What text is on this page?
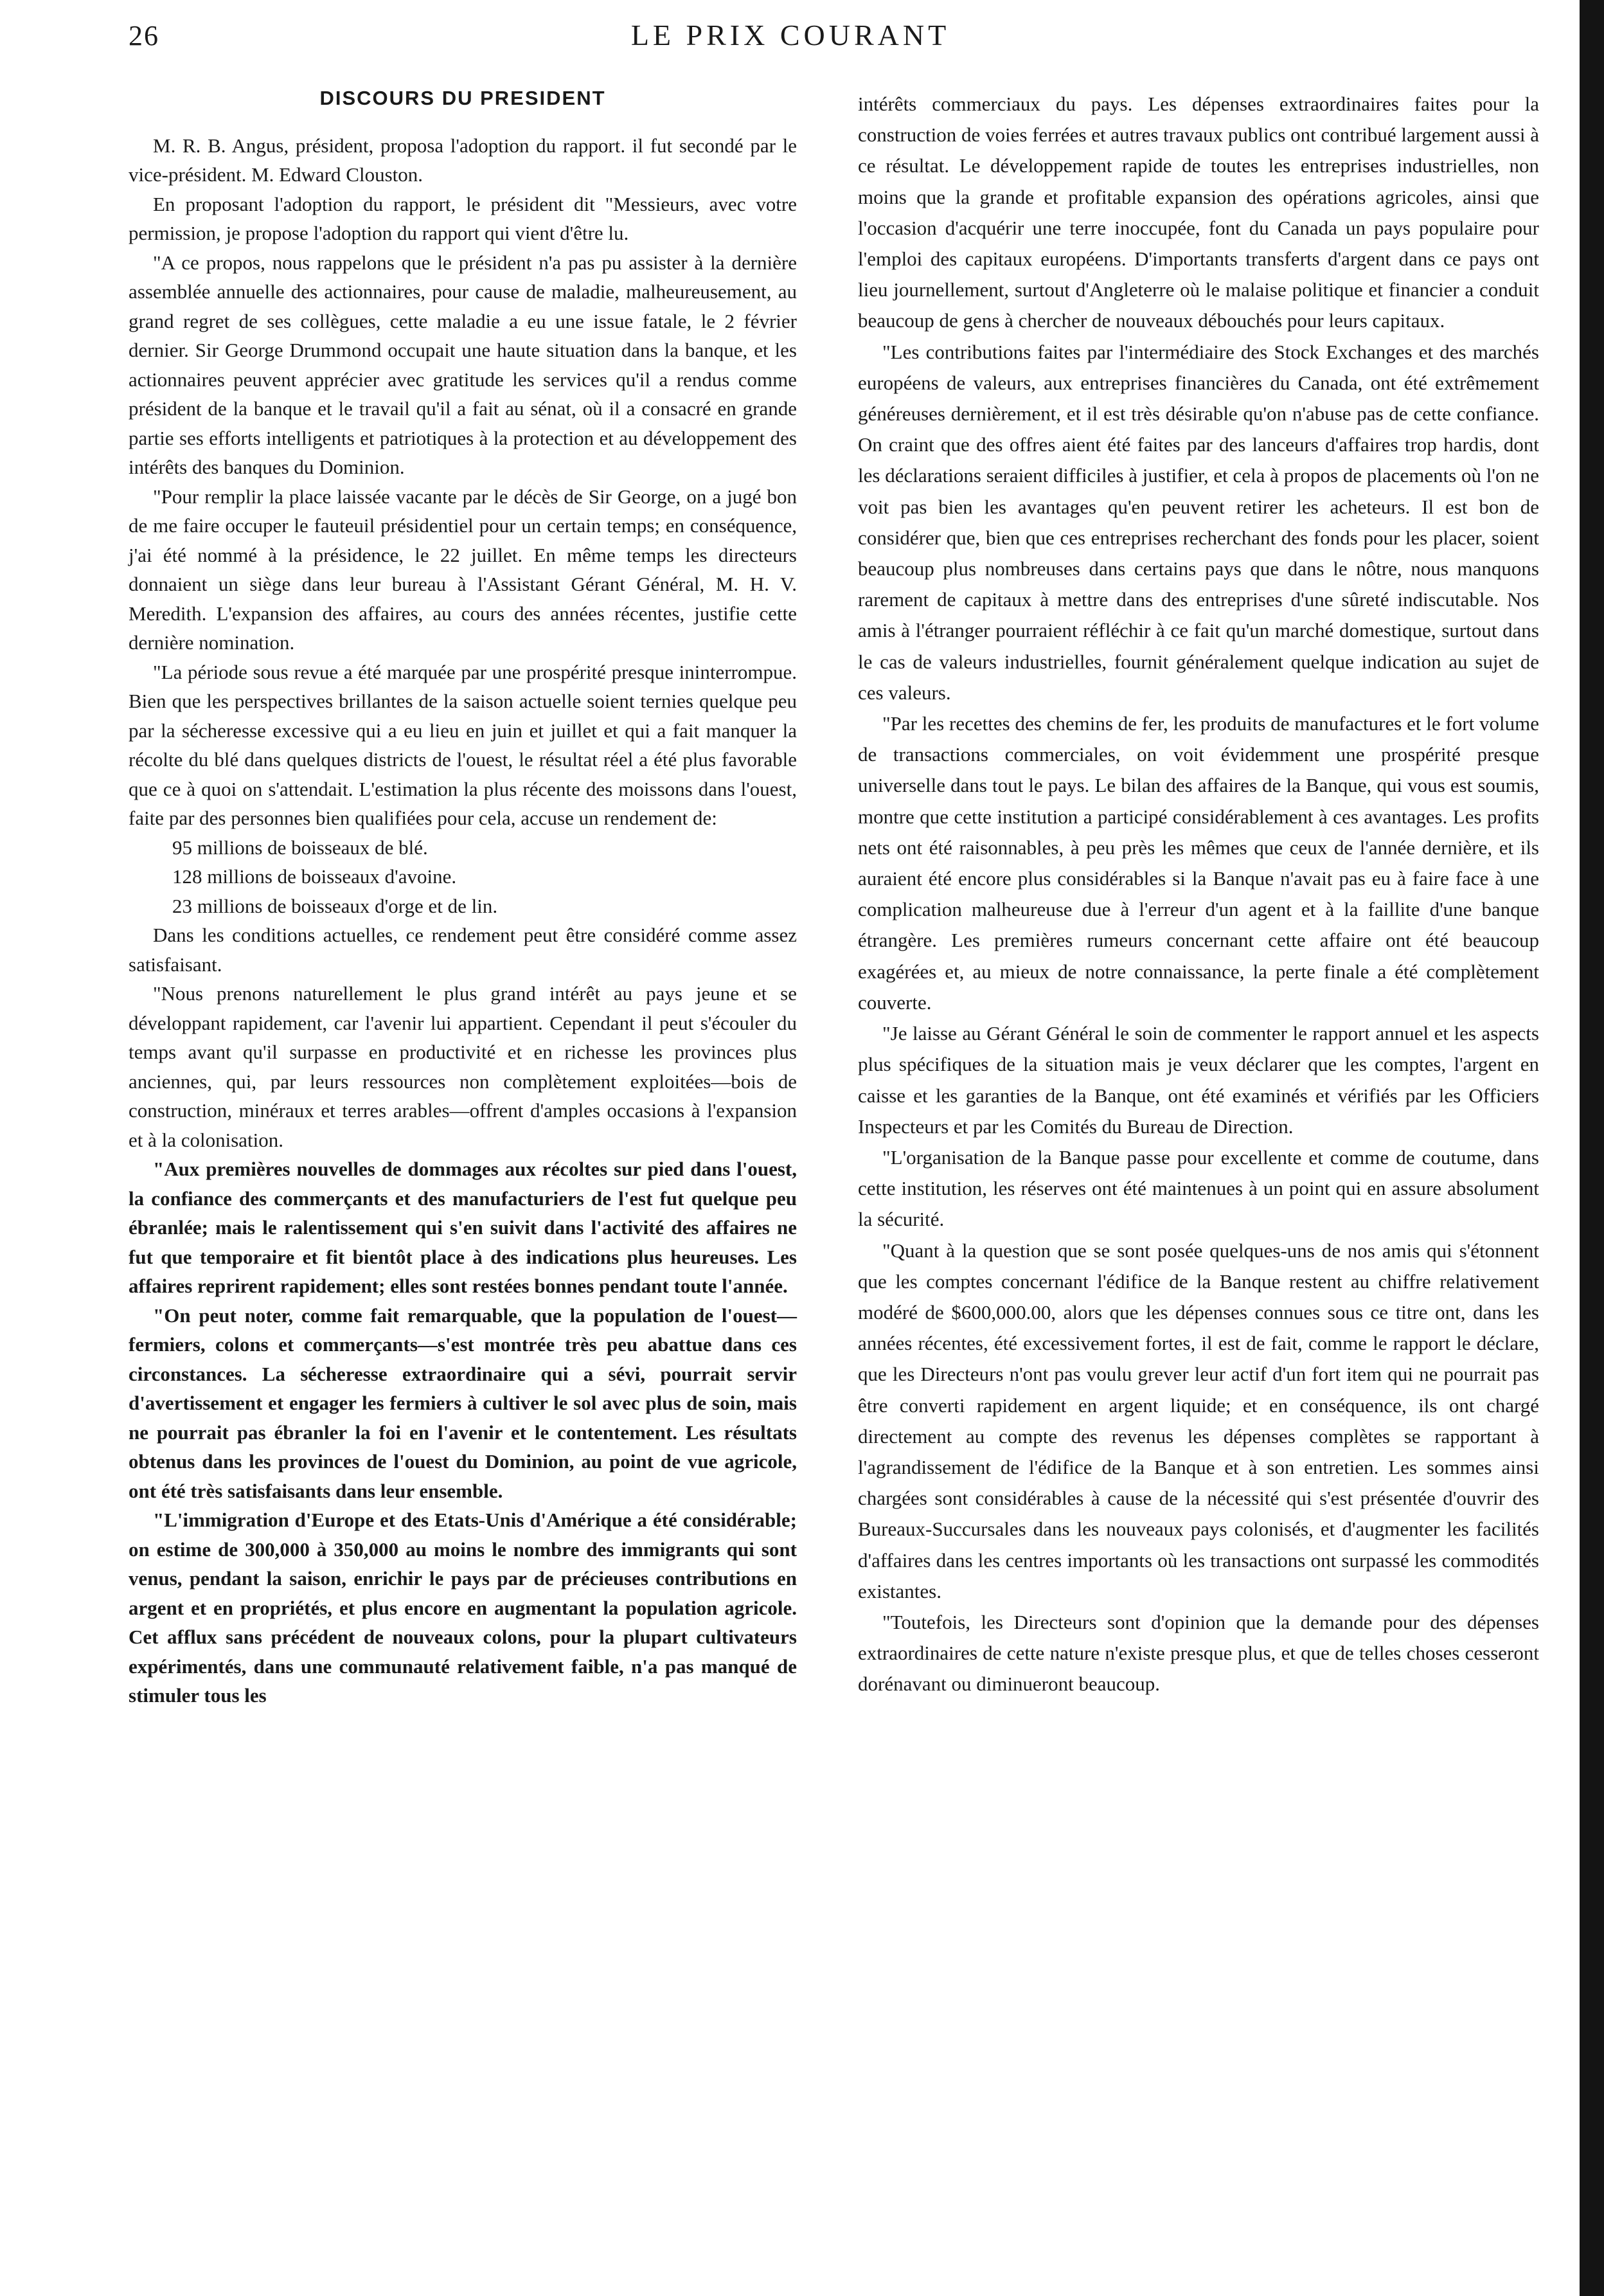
26	LE PRIX COURANT
DISCOURS DU PRESIDENT

M. R. B. Angus, président, proposa l'adoption du rapport. il fut secondé par le vice-président. M. Edward Clouston.

En proposant l'adoption du rapport, le président dit "Messieurs, avec votre permission, je propose l'adoption du rapport qui vient d'être lu.

"A ce propos, nous rappelons que le président n'a pas pu assister à la dernière assemblée annuelle des actionnaires, pour cause de maladie, malheureusement, au grand regret de ses collègues, cette maladie a eu une issue fatale, le 2 février dernier. Sir George Drummond occupait une haute situation dans la banque, et les actionnaires peuvent apprécier avec gratitude les services qu'il a rendus comme président de la banque et le travail qu'il a fait au sénat, où il a consacré en grande partie ses efforts intelligents et patriotiques à la protection et au développement des intérêts des banques du Dominion.

"Pour remplir la place laissée vacante par le décès de Sir George, on a jugé bon de me faire occuper le fauteuil présidentiel pour un certain temps; en conséquence, j'ai été nommé à la présidence, le 22 juillet. En même temps les directeurs donnaient un siège dans leur bureau à l'Assistant Gérant Général, M. H. V. Meredith. L'expansion des affaires, au cours des années récentes, justifie cette dernière nomination.

"La période sous revue a été marquée par une prospérité presque ininterrompue. Bien que les perspectives brillantes de la saison actuelle soient ternies quelque peu par la sécheresse excessive qui a eu lieu en juin et juillet et qui a fait manquer la récolte du blé dans quelques districts de l'ouest, le résultat réel a été plus favorable que ce à quoi on s'attendait. L'estimation la plus récente des moissons dans l'ouest, faite par des personnes bien qualifiées pour cela, accuse un rendement de:

95 millions de boisseaux de blé.
128 millions de boisseaux d'avoine.
23 millions de boisseaux d'orge et de lin.

Dans les conditions actuelles, ce rendement peut être considéré comme assez satisfaisant.

"Nous prenons naturellement le plus grand intérêt au pays jeune et se développant rapidement, car l'avenir lui appartient. Cependant il peut s'écouler du temps avant qu'il surpasse en productivité et en richesse les provinces plus anciennes, qui, par leurs ressources non complètement exploitées—bois de construction, minéraux et terres arables—offrent d'amples occasions à l'expansion et à la colonisation.

"Aux premières nouvelles de dommages aux récoltes sur pied dans l'ouest, la confiance des commerçants et des manufacturiers de l'est fut quelque peu ébranlée; mais le ralentissement qui s'en suivit dans l'activité des affaires ne fut que temporaire et fit bientôt place à des indications plus heureuses. Les affaires reprirent rapidement; elles sont restées bonnes pendant toute l'année.

"On peut noter, comme fait remarquable, que la population de l'ouest—fermiers, colons et commerçants—s'est montrée très peu abattue dans ces circonstances. La sécheresse extraordinaire qui a sévi, pourrait servir d'avertissement et engager les fermiers à cultiver le sol avec plus de soin, mais ne pourrait pas ébranler la foi en l'avenir et le contentement. Les résultats obtenus dans les provinces de l'ouest du Dominion, au point de vue agricole, ont été très satisfaisants dans leur ensemble.

"L'immigration d'Europe et des Etats-Unis d'Amérique a été considérable; on estime de 300,000 à 350,000 au moins le nombre des immigrants qui sont venus, pendant la saison, enrichir le pays par de précieuses contributions en argent et en propriétés, et plus encore en augmentant la population agricole. Cet afflux sans précédent de nouveaux colons, pour la plupart cultivateurs expérimentés, dans une communauté relativement faible, n'a pas manqué de stimuler tous les

intérêts commerciaux du pays. Les dépenses extraordinaires faites pour la construction de voies ferrées et autres travaux publics ont contribué largement aussi à ce résultat. Le développement rapide de toutes les entreprises industrielles, non moins que la grande et profitable expansion des opérations agricoles, ainsi que l'occasion d'acquérir une terre inoccupée, font du Canada un pays populaire pour l'emploi des capitaux européens. D'importants transferts d'argent dans ce pays ont lieu journellement, surtout d'Angleterre où le malaise politique et financier a conduit beaucoup de gens à chercher de nouveaux débouchés pour leurs capitaux.

"Les contributions faites par l'intermédiaire des Stock Exchanges et des marchés européens de valeurs, aux entreprises financières du Canada, ont été extrêmement généreuses dernièrement, et il est très désirable qu'on n'abuse pas de cette confiance. On craint que des offres aient été faites par des lanceurs d'affaires trop hardis, dont les déclarations seraient difficiles à justifier, et cela à propos de placements où l'on ne voit pas bien les avantages qu'en peuvent retirer les acheteurs. Il est bon de considérer que, bien que ces entreprises recherchant des fonds pour les placer, soient beaucoup plus nombreuses dans certains pays que dans le nôtre, nous manquons rarement de capitaux à mettre dans des entreprises d'une sûreté indiscutable. Nos amis à l'étranger pourraient réfléchir à ce fait qu'un marché domestique, surtout dans le cas de valeurs industrielles, fournit généralement quelque indication au sujet de ces valeurs.

"Par les recettes des chemins de fer, les produits de manufactures et le fort volume de transactions commerciales, on voit évidemment une prospérité presque universelle dans tout le pays. Le bilan des affaires de la Banque, qui vous est soumis, montre que cette institution a participé considérablement à ces avantages. Les profits nets ont été raisonnables, à peu près les mêmes que ceux de l'année dernière, et ils auraient été encore plus considérables si la Banque n'avait pas eu à faire face à une complication malheureuse due à l'erreur d'un agent et à la faillite d'une banque étrangère. Les premières rumeurs concernant cette affaire ont été beaucoup exagérées et, au mieux de notre connaissance, la perte finale a été complètement couverte.

"Je laisse au Gérant Général le soin de commenter le rapport annuel et les aspects plus spécifiques de la situation mais je veux déclarer que les comptes, l'argent en caisse et les garanties de la Banque, ont été examinés et vérifiés par les Officiers Inspecteurs et par les Comités du Bureau de Direction.

"L'organisation de la Banque passe pour excellente et comme de coutume, dans cette institution, les réserves ont été maintenues à un point qui en assure absolument la sécurité.

"Quant à la question que se sont posée quelques-uns de nos amis qui s'étonnent que les comptes concernant l'édifice de la Banque restent au chiffre relativement modéré de $600,000.00, alors que les dépenses connues sous ce titre ont, dans les années récentes, été excessivement fortes, il est de fait, comme le rapport le déclare, que les Directeurs n'ont pas voulu grever leur actif d'un fort item qui ne pourrait pas être converti rapidement en argent liquide; et en conséquence, ils ont chargé directement au compte des revenus les dépenses complètes se rapportant à l'agrandissement de l'édifice de la Banque et à son entretien. Les sommes ainsi chargées sont considérables à cause de la nécessité qui s'est présentée d'ouvrir des Bureaux-Succursales dans les nouveaux pays colonisés, et d'augmenter les facilités d'affaires dans les centres importants où les transactions ont surpassé les commodités existantes.

"Toutefois, les Directeurs sont d'opinion que la demande pour des dépenses extraordinaires de cette nature n'existe presque plus, et que de telles choses cesseront dorénavant ou diminueront beaucoup.
